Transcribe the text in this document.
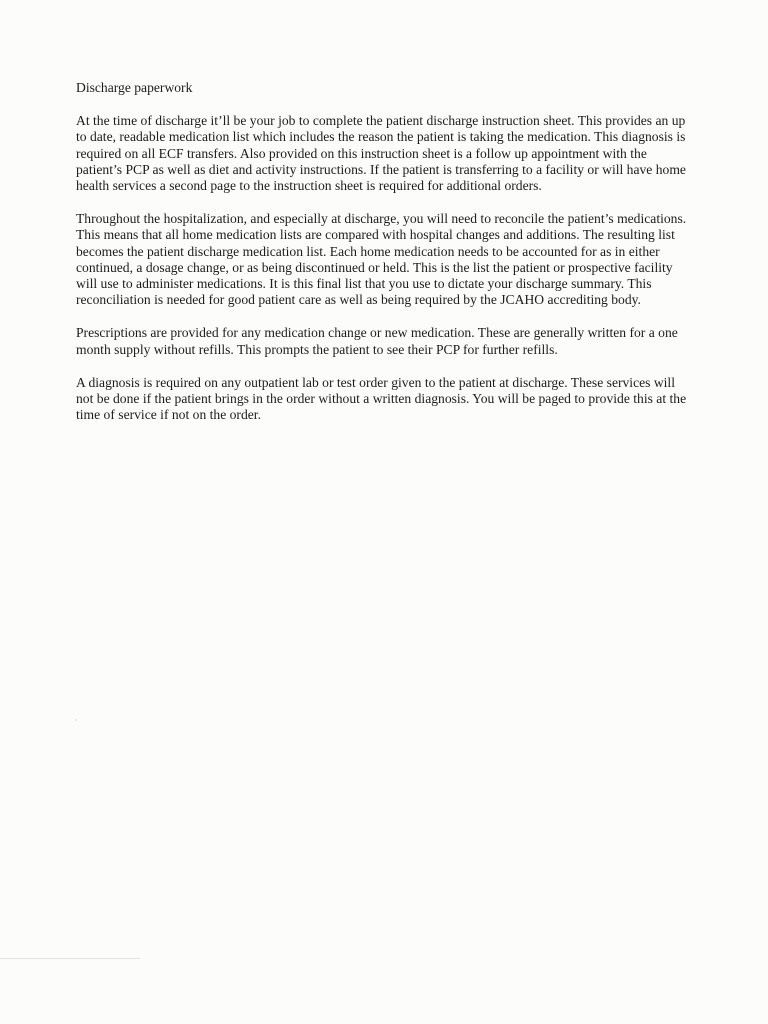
Discharge paperwork

At the time of discharge it’ll be your job to complete the patient discharge instruction sheet. This provides an up to date, readable medication list which includes the reason the patient is taking the medication. This diagnosis is required on all ECF transfers. Also provided on this instruction sheet is a follow up appointment with the patient’s PCP as well as diet and activity instructions. If the patient is transferring to a facility or will have home health services a second page to the instruction sheet is required for additional orders.

Throughout the hospitalization, and especially at discharge, you will need to reconcile the patient’s medications. This means that all home medication lists are compared with hospital changes and additions. The resulting list becomes the patient discharge medication list. Each home medication needs to be accounted for as in either continued, a dosage change, or as being discontinued or held. This is the list the patient or prospective facility will use to administer medications. It is this final list that you use to dictate your discharge summary. This reconciliation is needed for good patient care as well as being required by the JCAHO accrediting body.

Prescriptions are provided for any medication change or new medication. These are generally written for a one month supply without refills. This prompts the patient to see their PCP for further refills.

A diagnosis is required on any outpatient lab or test order given to the patient at discharge. These services will not be done if the patient brings in the order without a written diagnosis. You will be paged to provide this at the time of service if not on the order.
